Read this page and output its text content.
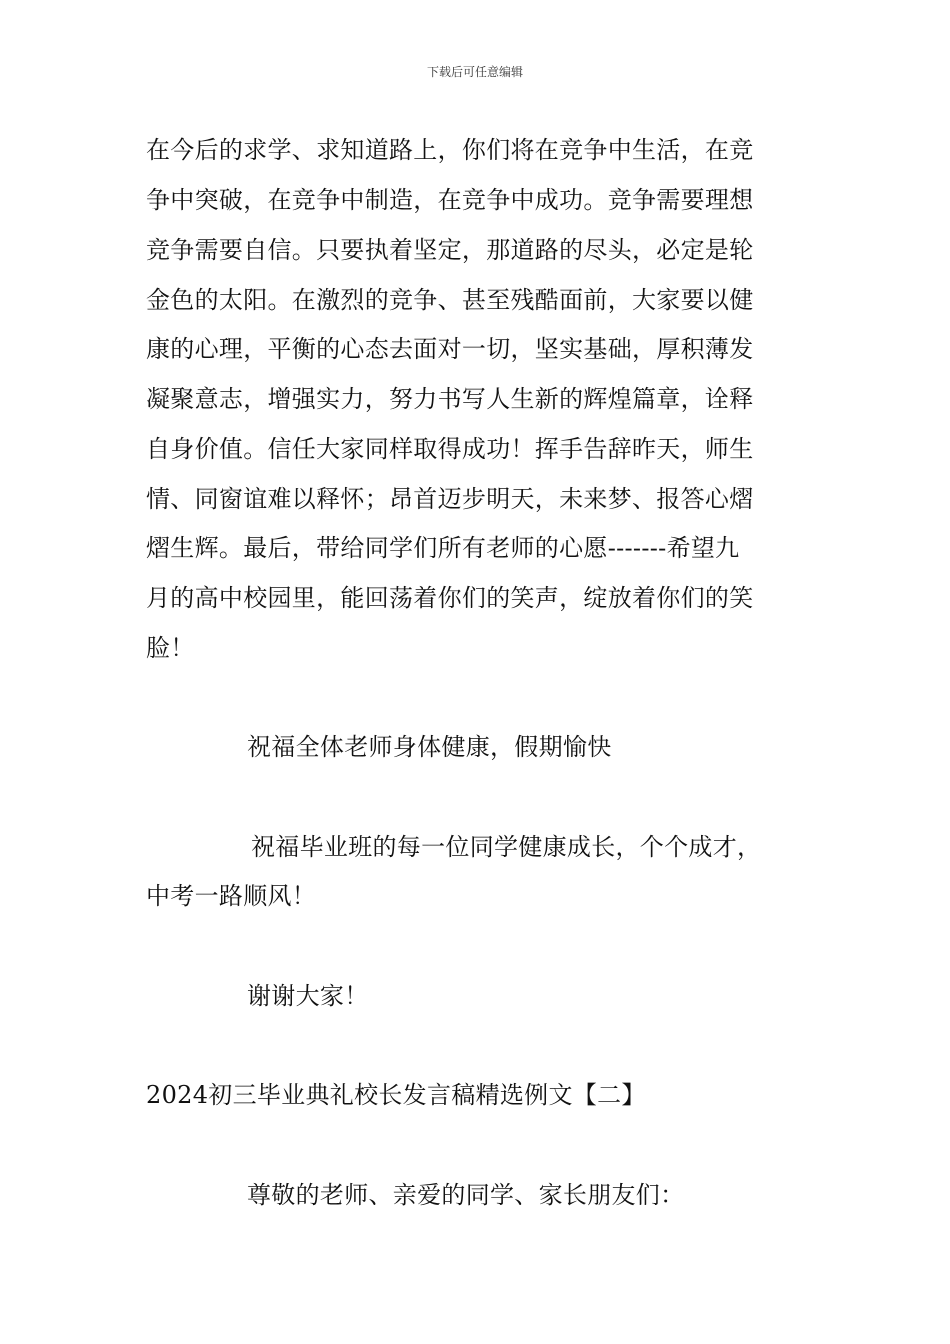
下载后可任意编辑
在今后的求学、求知道路上，你们将在竞争中生活，在竞
争中突破，在竞争中制造，在竞争中成功。竞争需要理想
竞争需要自信。只要执着坚定，那道路的尽头，必定是轮
金色的太阳。在激烈的竞争、甚至残酷面前，大家要以健
康的心理，平衡的心态去面对一切，坚实基础，厚积薄发
凝聚意志，增强实力，努力书写人生新的辉煌篇章，诠释
自身价值。信任大家同样取得成功！挥手告辞昨天，师生
情、同窗谊难以释怀；昂首迈步明天，未来梦、报答心熠
熠生辉。最后，带给同学们所有老师的心愿-------希望九
月的高中校园里，能回荡着你们的笑声，绽放着你们的笑
脸！
祝福全体老师身体健康，假期愉快
祝福毕业班的每一位同学健康成长，个个成才，
中考一路顺风！
谢谢大家！
2024初三毕业典礼校长发言稿精选例文【二】
尊敬的老师、亲爱的同学、家长朋友们：
